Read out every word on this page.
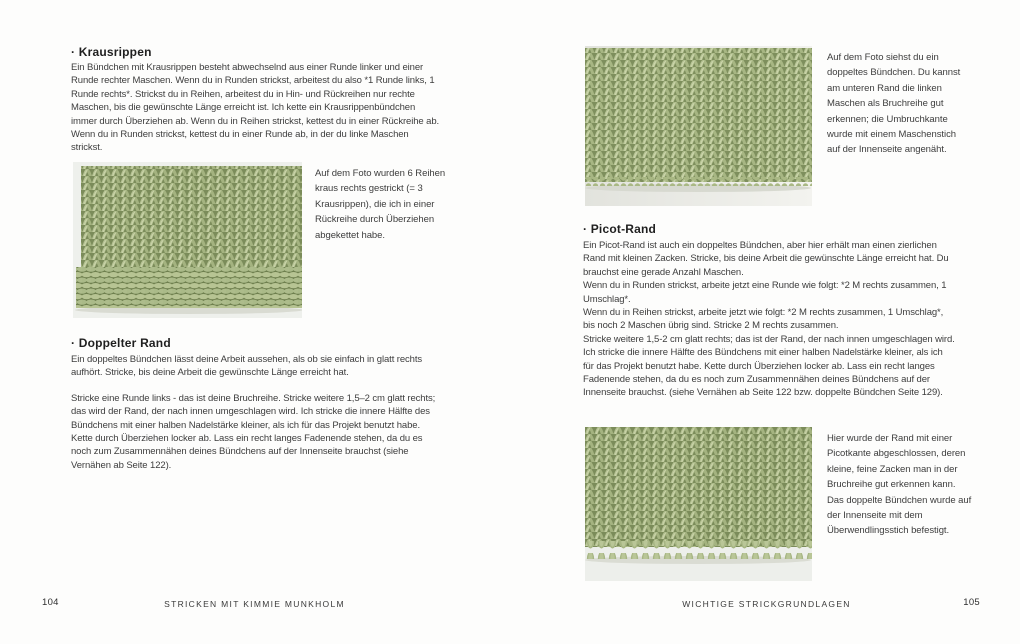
· Krausrippen

Ein Bündchen mit Krausrippen besteht abwechselnd aus einer Runde linker und einer Runde rechter Maschen. Wenn du in Runden strickst, arbeitest du also *1 Runde links, 1 Runde rechts*. Strickst du in Reihen, arbeitest du in Hin- und Rückreihen nur rechte Maschen, bis die gewünschte Länge erreicht ist. Ich kette ein Krausrippenbündchen immer durch Überziehen ab. Wenn du in Reihen strickst, kettest du in einer Rückreihe ab. Wenn du in Runden strickst, kettest du in einer Runde ab, in der du linke Maschen strickst.

Auf dem Foto wurden 6 Reihen kraus rechts gestrickt (= 3 Krausrippen), die ich in einer Rückreihe durch Überziehen abgekettet habe.
· Doppelter Rand

Ein doppeltes Bündchen lässt deine Arbeit aussehen, als ob sie einfach in glatt rechts aufhört. Stricke, bis deine Arbeit die gewünschte Länge erreicht hat.

Stricke eine Runde links - das ist deine Bruchreihe. Stricke weitere 1,5–2 cm glatt rechts; das wird der Rand, der nach innen umgeschlagen wird. Ich stricke die innere Hälfte des Bündchens mit einer halben Nadelstärke kleiner, als ich für das Projekt benutzt habe. Kette durch Überziehen locker ab. Lass ein recht langes Fadenende stehen, da du es noch zum Zusammennähen deines Bündchens auf der Innenseite brauchst (siehe Vernähen ab Seite 122).

104	STRICKEN MIT KIMMIE MUNKHOLM
Auf dem Foto siehst du ein doppeltes Bündchen. Du kannst am unteren Rand die linken Maschen als Bruchreihe gut erkennen; die Umbruchkante wurde mit einem Maschenstich auf der Innenseite angenäht.
· Picot-Rand

Ein Picot-Rand ist auch ein doppeltes Bündchen, aber hier erhält man einen zierlichen Rand mit kleinen Zacken. Stricke, bis deine Arbeit die gewünschte Länge erreicht hat. Du brauchst eine gerade Anzahl Maschen.

Wenn du in Runden strickst, arbeite jetzt eine Runde wie folgt: *2 M rechts zusammen, 1 Umschlag*.

Wenn du in Reihen strickst, arbeite jetzt wie folgt: *2 M rechts zusammen, 1 Umschlag*, bis noch 2 Maschen übrig sind. Stricke 2 M rechts zusammen.

Stricke weitere 1,5-2 cm glatt rechts; das ist der Rand, der nach innen umgeschlagen wird. Ich stricke die innere Hälfte des Bündchens mit einer halben Nadelstärke kleiner, als ich für das Projekt benutzt habe. Kette durch Überziehen locker ab. Lass ein recht langes Fadenende stehen, da du es noch zum Zusammennähen deines Bündchens auf der Innenseite brauchst. (siehe Vernähen ab Seite 122 bzw. doppelte Bündchen Seite 129).

Hier wurde der Rand mit einer Picotkante abgeschlossen, deren kleine, feine Zacken man in der Bruchreihe gut erkennen kann. Das doppelte Bündchen wurde auf der Innenseite mit dem Überwendlingsstich befestigt.
WICHTIGE STRICKGRUNDLAGEN	105
